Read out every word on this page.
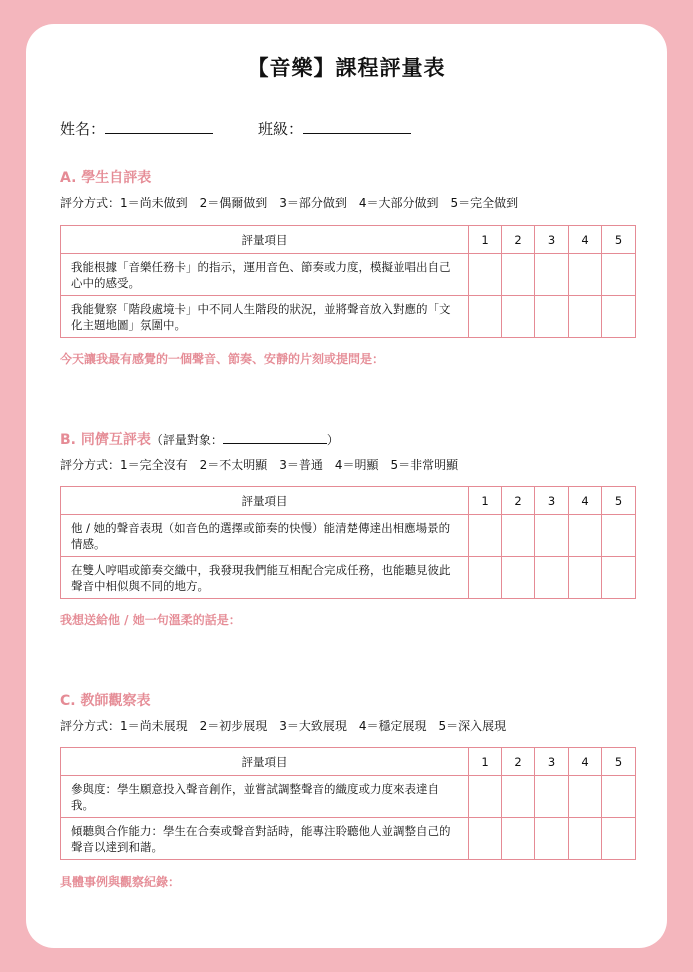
【音樂】課程評量表
姓名：	班級：
A. 學生自評表
評分方式：1＝尚未做到　2＝偶爾做到　3＝部分做到　4＝大部分做到　5＝完全做到
評量項目	1	2	3	4	5
我能根據「音樂任務卡」的指示，運用音色、節奏或力度，模擬並唱出自己心中的感受。					
我能覺察「階段處境卡」中不同人生階段的狀況，並將聲音放入對應的「文化主題地圖」氛圍中。					
今天讓我最有感覺的一個聲音、節奏、安靜的片刻或提問是：
B. 同儕互評表（評量對象：	）
評分方式：1＝完全沒有　2＝不太明顯　3＝普通　4＝明顯　5＝非常明顯
評量項目	1	2	3	4	5
他 / 她的聲音表現（如音色的選擇或節奏的快慢）能清楚傳達出相應場景的情感。					
在雙人哼唱或節奏交織中，我發現我們能互相配合完成任務，也能聽見彼此聲音中相似與不同的地方。					
我想送給他 / 她一句溫柔的話是：
C. 教師觀察表
評分方式：1＝尚未展現　2＝初步展現　3＝大致展現　4＝穩定展現　5＝深入展現
評量項目	1	2	3	4	5
參與度：學生願意投入聲音創作，並嘗試調整聲音的織度或力度來表達自我。					
傾聽與合作能力：學生在合奏或聲音對話時，能專注聆聽他人並調整自己的聲音以達到和諧。					
具體事例與觀察紀錄：
